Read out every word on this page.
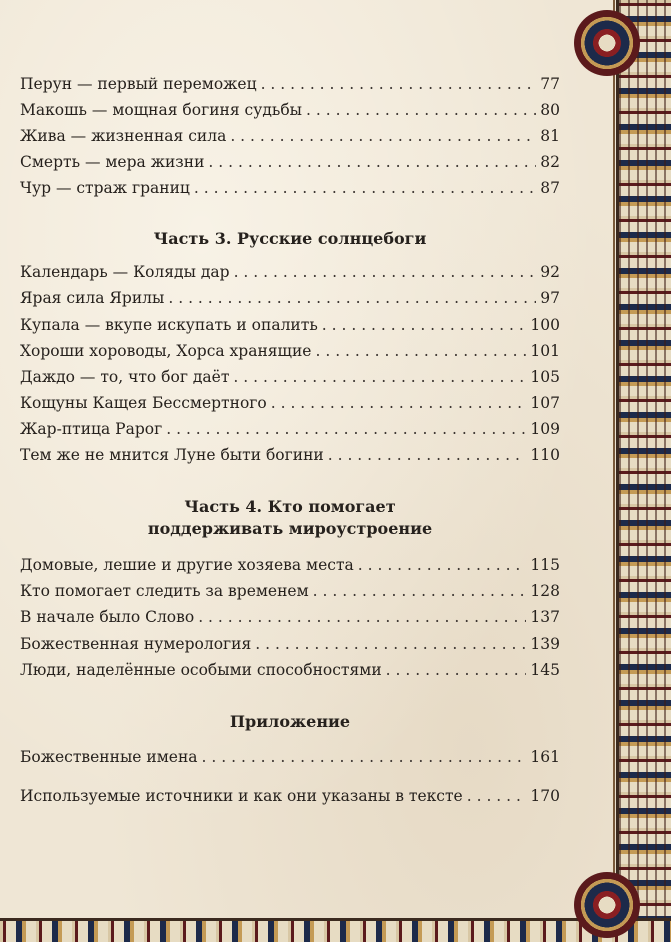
Перун — первый переможец . . .	77
Макошь — мощная богиня судьбы . . .	80
Жива — жизненная сила . . .	81
Смерть — мера жизни . . .	82
Чур — страж границ . . .	87
Часть 3. Русские солнцебоги
Календарь — Коляды дар . . .	92
Ярая сила Ярилы . . .	97
Купала — вкупе искупать и опалить . . .	100
Хороши хороводы, Хорса хранящие . . .	101
Даждо — то, что бог даёт . . .	105
Кощуны Кащея Бессмертного . . .	107
Жар-птица Рарог . . .	109
Тем же не мнится Луне быти богини . . .	110
Часть 4. Кто помогает
поддерживать мироустроение
Домовые, лешие и другие хозяева места . . .	115
Кто помогает следить за временем . . .	128
В начале было Слово . . .	137
Божественная нумерология . . .	139
Люди, наделённые особыми способностями . . .	145
Приложение
Божественные имена . . .	161
Используемые источники и как они указаны в тексте . . .	170
